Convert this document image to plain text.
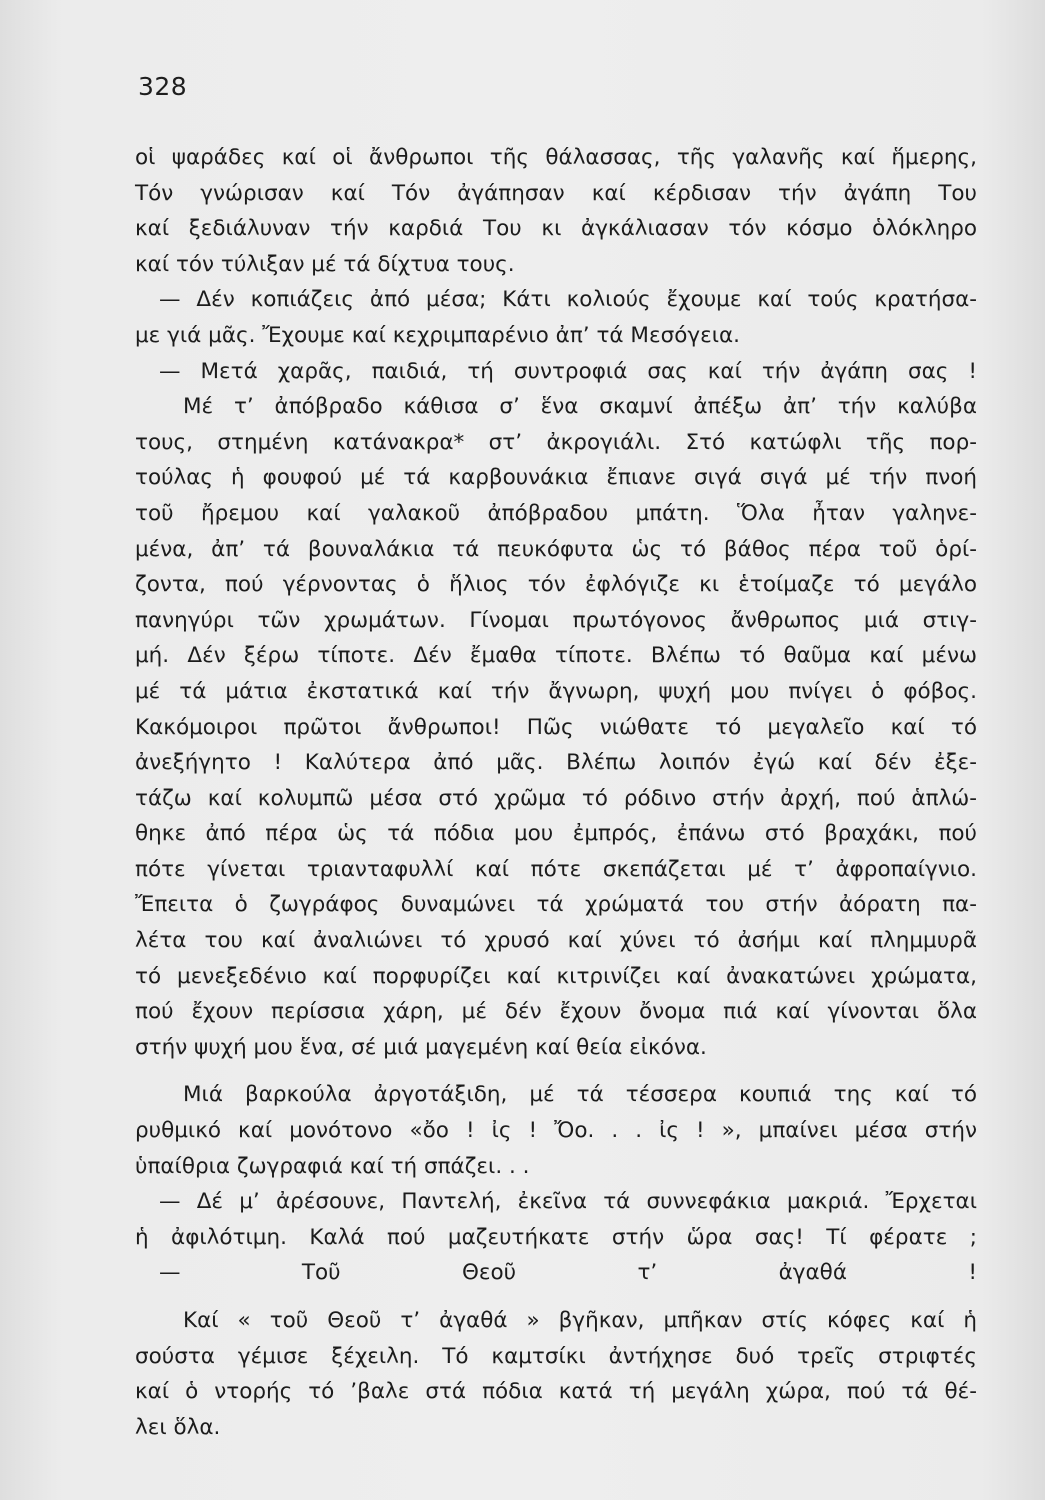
328
οἱ ψαράδες καί οἱ ἄνθρωποι τῆς θάλασσας, τῆς γαλανῆς καί ἥμερης,
Τόν γνώρισαν καί Τόν ἀγάπησαν καί κέρδισαν τήν ἀγάπη Του
καί ξεδιάλυναν τήν καρδιά Του κι ἀγκάλιασαν τόν κόσμο ὁλόκληρο
καί τόν τύλιξαν μέ τά δίχτυα τους.
— Δέν κοπιάζεις ἀπό μέσα; Κάτι κολιούς ἔχουμε καί τούς κρατήσα-
με γιά μᾶς. Ἔχουμε καί κεχριμπαρένιο ἀπ’ τά Μεσόγεια.
— Μετά χαρᾶς, παιδιά, τή συντροφιά σας καί τήν ἀγάπη σας !
Μέ τ’ ἀπόβραδο κάθισα σ’ ἕνα σκαμνί ἀπέξω ἀπ’ τήν καλύβα
τους, στημένη κατάνακρα* στ’ ἀκρογιάλι. Στό κατώφλι τῆς πορ-
τούλας ἡ φουφού μέ τά καρβουνάκια ἔπιανε σιγά σιγά μέ τήν πνοή
τοῦ ἤρεμου καί γαλακοῦ ἀπόβραδου μπάτη. Ὅλα ἦταν γαληνε-
μένα, ἀπ’ τά βουναλάκια τά πευκόφυτα ὡς τό βάθος πέρα τοῦ ὁρί-
ζοντα, πού γέρνοντας ὁ ἥλιος τόν ἐφλόγιζε κι ἑτοίμαζε τό μεγάλο
πανηγύρι τῶν χρωμάτων. Γίνομαι πρωτόγονος ἄνθρωπος μιά στιγ-
μή. Δέν ξέρω τίποτε. Δέν ἔμαθα τίποτε. Βλέπω τό θαῦμα καί μένω
μέ τά μάτια ἐκστατικά καί τήν ἄγνωρη, ψυχή μου πνίγει ὁ φόβος.
Κακόμοιροι πρῶτοι ἄνθρωποι! Πῶς νιώθατε τό μεγαλεῖο καί τό
ἀνεξήγητο ! Καλύτερα ἀπό μᾶς. Βλέπω λοιπόν ἐγώ καί δέν ἐξε-
τάζω καί κολυμπῶ μέσα στό χρῶμα τό ρόδινο στήν ἀρχή, πού ἁπλώ-
θηκε ἀπό πέρα ὡς τά πόδια μου ἐμπρός, ἐπάνω στό βραχάκι, πού
πότε γίνεται τριανταφυλλί καί πότε σκεπάζεται μέ τ’ ἀφροπαίγνιο.
Ἔπειτα ὁ ζωγράφος δυναμώνει τά χρώματά του στήν ἀόρατη πα-
λέτα του καί ἀναλιώνει τό χρυσό καί χύνει τό ἀσήμι καί πλημμυρᾶ
τό μενεξεδένιο καί πορφυρίζει καί κιτρινίζει καί ἀνακατώνει χρώματα,
πού ἔχουν περίσσια χάρη, μέ δέν ἔχουν ὄνομα πιά καί γίνονται ὅλα
στήν ψυχή μου ἕνα, σέ μιά μαγεμένη καί θεία εἰκόνα.
Μιά βαρκούλα ἀργοτάξιδη, μέ τά τέσσερα κουπιά της καί τό
ρυθμικό καί μονότονο «ὄο ! ἰς ! Ὄο. . . ἰς ! », μπαίνει μέσα στήν
ὑπαίθρια ζωγραφιά καί τή σπάζει. . .
— Δέ μ’ ἀρέσουνε, Παντελή, ἐκεῖνα τά συννεφάκια μακριά. Ἔρχεται
ἡ ἀφιλότιμη. Καλά πού μαζευτήκατε στήν ὥρα σας! Τί φέρατε ;
— Τοῦ Θεοῦ τ’ ἀγαθά !
Καί « τοῦ Θεοῦ τ’ ἀγαθά » βγῆκαν, μπῆκαν στίς κόφες καί ἡ
σούστα γέμισε ξέχειλη. Τό καμτσίκι ἀντήχησε δυό τρεῖς στριφτές
καί ὁ ντορής τό ’βαλε στά πόδια κατά τή μεγάλη χώρα, πού τά θέ-
λει ὅλα.
